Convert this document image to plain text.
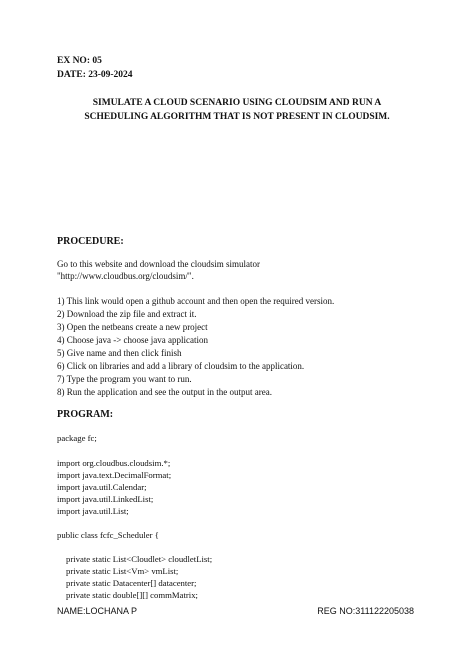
EX NO: 05
DATE: 23-09-2024
SIMULATE A CLOUD SCENARIO USING CLOUDSIM AND RUN A
SCHEDULING ALGORITHM THAT IS NOT PRESENT IN CLOUDSIM.
PROCEDURE:
Go to this website and download the cloudsim simulator
"http://www.cloudbus.org/cloudsim/".
1) This link would open a github account and then open the required version.
2) Download the zip file and extract it.
3) Open the netbeans create a new project
4) Choose java -> choose java application
5) Give name and then click finish
6) Click on libraries and add a library of cloudsim to the application.
7) Type the program you want to run.
8) Run the application and see the output in the output area.
PROGRAM:
package fc;
import org.cloudbus.cloudsim.*;
import java.text.DecimalFormat;
import java.util.Calendar;
import java.util.LinkedList;
import java.util.List;
public class fcfc_Scheduler {
private static List<Cloudlet> cloudletList;
private static List<Vm> vmList;
private static Datacenter[] datacenter;
private static double[][] commMatrix;
NAME:LOCHANA P	REG NO:311122205038
